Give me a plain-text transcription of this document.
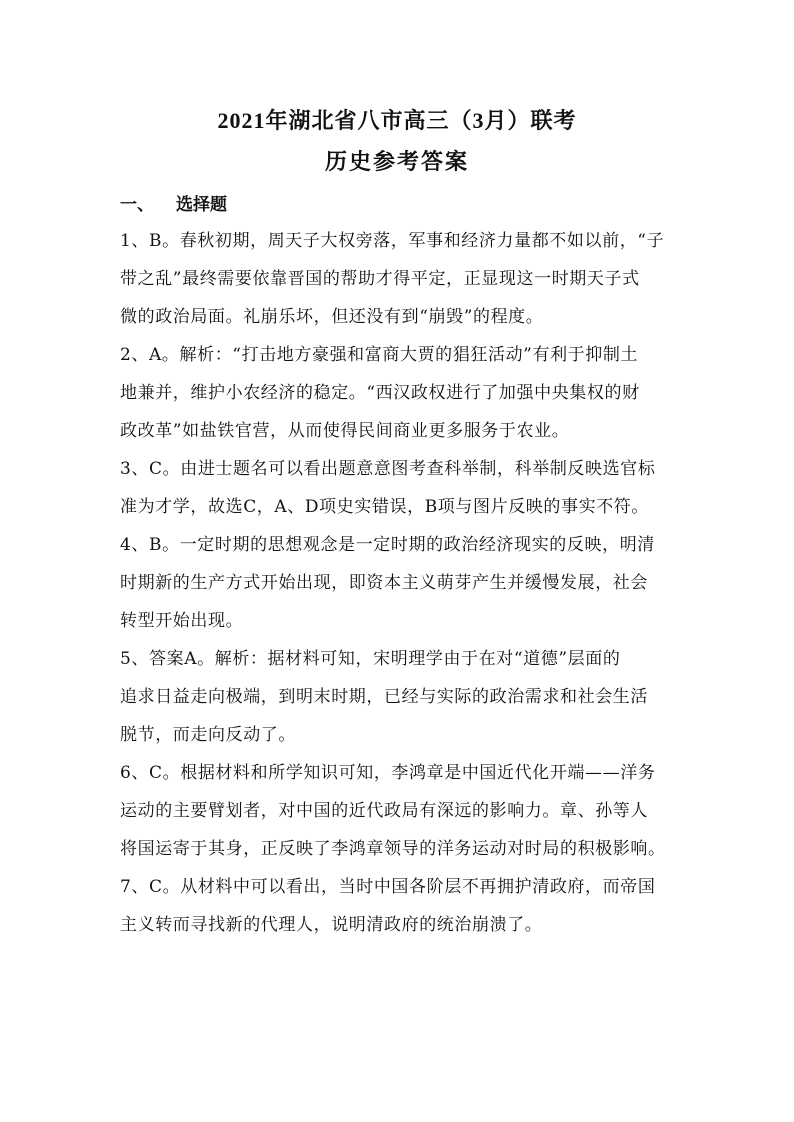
2021年湖北省八市高三（3月）联考
历史参考答案
一、 选择题
1、B。春秋初期，周天子大权旁落，军事和经济力量都不如以前，“子
带之乱”最终需要依靠晋国的帮助才得平定，正显现这一时期天子式
微的政治局面。礼崩乐坏，但还没有到“崩毁”的程度。
2、A。解析：“打击地方豪强和富商大贾的猖狂活动”有利于抑制土
地兼并，维护小农经济的稳定。“西汉政权进行了加强中央集权的财
政改革”如盐铁官营，从而使得民间商业更多服务于农业。
3、C。由进士题名可以看出题意意图考查科举制，科举制反映选官标
准为才学，故选C，A、D项史实错误，B项与图片反映的事实不符。
4、B。一定时期的思想观念是一定时期的政治经济现实的反映，明清
时期新的生产方式开始出现，即资本主义萌芽产生并缓慢发展，社会
转型开始出现。
5、答案A。解析：据材料可知，宋明理学由于在对“道德”层面的
追求日益走向极端，到明末时期，已经与实际的政治需求和社会生活
脱节，而走向反动了。
6、C。根据材料和所学知识可知，李鸿章是中国近代化开端——洋务
运动的主要臂划者，对中国的近代政局有深远的影响力。章、孙等人
将国运寄于其身，正反映了李鸿章领导的洋务运动对时局的积极影响。
7、C。从材料中可以看出，当时中国各阶层不再拥护清政府，而帝国
主义转而寻找新的代理人，说明清政府的统治崩溃了。
